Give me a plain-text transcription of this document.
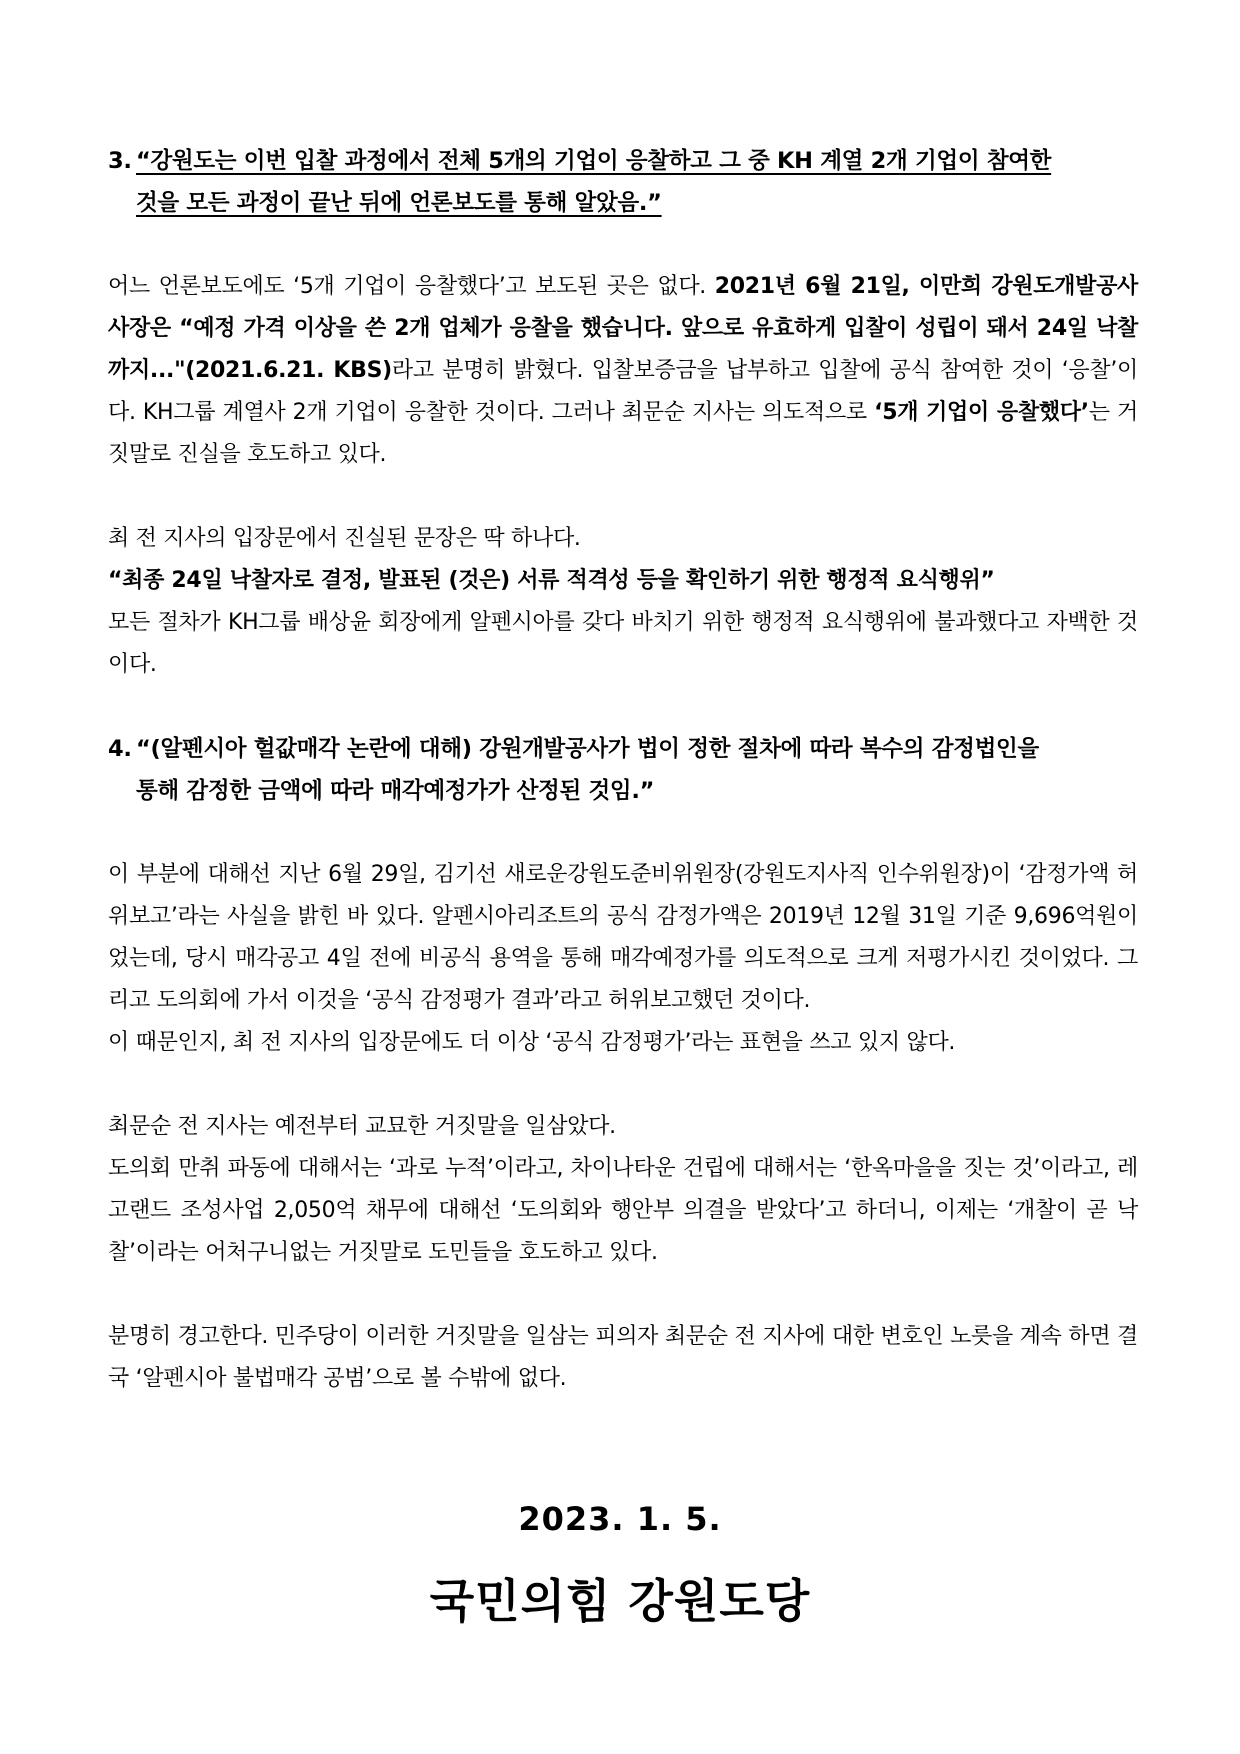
3. “강원도는 이번 입찰 과정에서 전체 5개의 기업이 응찰하고 그 중 KH 계열 2개 기업이 참여한
것을 모든 과정이 끝난 뒤에 언론보도를 통해 알았음.”

어느 언론보도에도 ‘5개 기업이 응찰했다’고 보도된 곳은 없다. 2021년 6월 21일, 이만희 강원도개발공사 사장은 “예정 가격 이상을 쓴 2개 업체가 응찰을 했습니다. 앞으로 유효하게 입찰이 성립이 돼서 24일 낙찰까지..."(2021.6.21. KBS)라고 분명히 밝혔다. 입찰보증금을 납부하고 입찰에 공식 참여한 것이 ‘응찰’이다. KH그룹 계열사 2개 기업이 응찰한 것이다. 그러나 최문순 지사는 의도적으로 ‘5개 기업이 응찰했다’는 거짓말로 진실을 호도하고 있다.

최 전 지사의 입장문에서 진실된 문장은 딱 하나다.
“최종 24일 낙찰자로 결정, 발표된 (것은) 서류 적격성 등을 확인하기 위한 행정적 요식행위”
모든 절차가 KH그룹 배상윤 회장에게 알펜시아를 갖다 바치기 위한 행정적 요식행위에 불과했다고 자백한 것이다.

4. “(알펜시아 헐값매각 논란에 대해) 강원개발공사가 법이 정한 절차에 따라 복수의 감정법인을
통해 감정한 금액에 따라 매각예정가가 산정된 것임.”

이 부분에 대해선 지난 6월 29일, 김기선 새로운강원도준비위원장(강원도지사직 인수위원장)이 ‘감정가액 허위보고’라는 사실을 밝힌 바 있다. 알펜시아리조트의 공식 감정가액은 2019년 12월 31일 기준 9,696억원이었는데, 당시 매각공고 4일 전에 비공식 용역을 통해 매각예정가를 의도적으로 크게 저평가시킨 것이었다. 그리고 도의회에 가서 이것을 ‘공식 감정평가 결과’라고 허위보고했던 것이다.
이 때문인지, 최 전 지사의 입장문에도 더 이상 ‘공식 감정평가’라는 표현을 쓰고 있지 않다.

최문순 전 지사는 예전부터 교묘한 거짓말을 일삼았다.
도의회 만취 파동에 대해서는 ‘과로 누적’이라고, 차이나타운 건립에 대해서는 ‘한옥마을을 짓는 것’이라고, 레고랜드 조성사업 2,050억 채무에 대해선 ‘도의회와 행안부 의결을 받았다’고 하더니, 이제는 ‘개찰이 곧 낙찰’이라는 어처구니없는 거짓말로 도민들을 호도하고 있다.

분명히 경고한다. 민주당이 이러한 거짓말을 일삼는 피의자 최문순 전 지사에 대한 변호인 노릇을 계속 하면 결국 ‘알펜시아 불법매각 공범’으로 볼 수밖에 없다.

2023. 1. 5.
국민의힘 강원도당
